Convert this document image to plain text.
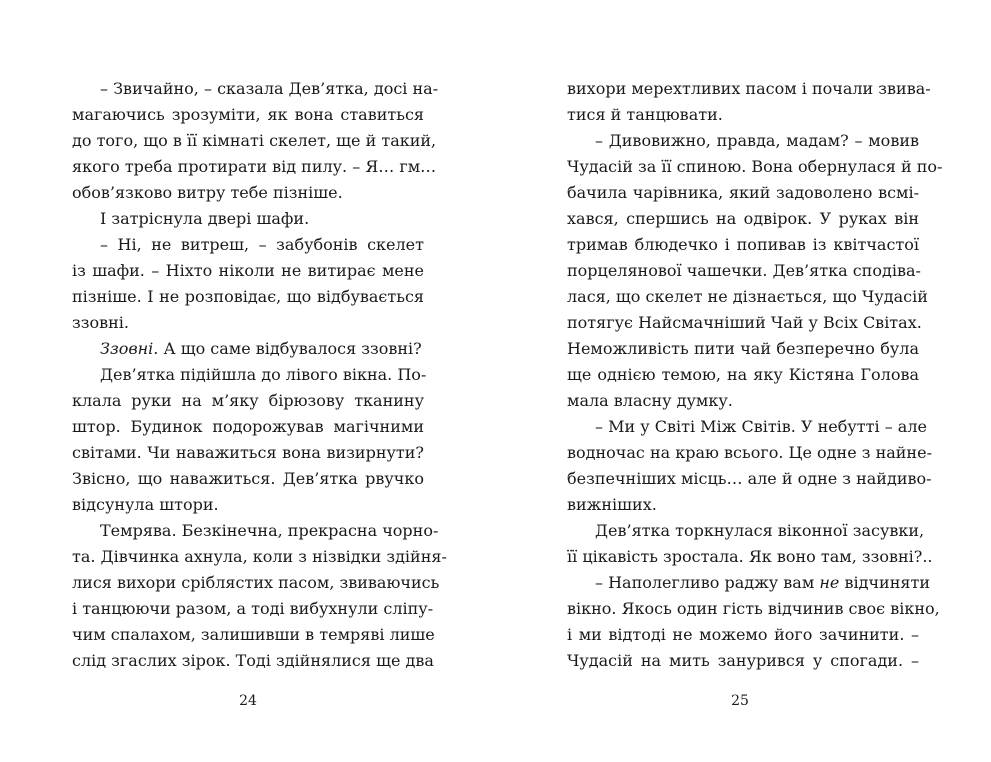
– Звичайно, – сказала Дев’ятка, досі на-
магаючись зрозуміти, як вона ставиться
до того, що в її кімнаті скелет, ще й такий,
якого треба протирати від пилу. – Я… гм…
обов’язково витру тебе пізніше.
І затріснула двері шафи.
– Ні, не витреш, – забубонів скелет
із шафи. – Ніхто ніколи не витирає мене
пізніше. І не розповідає, що відбувається
ззовні.
Ззовні. А що саме відбувалося ззовні?
Дев’ятка підійшла до лівого вікна. По-
клала руки на м’яку бірюзову тканину
штор. Будинок подорожував магічними
світами. Чи наважиться вона визирнути?
Звісно, що наважиться. Дев’ятка рвучко
відсунула штори.
Темрява. Безкінечна, прекрасна чорно-
та. Дівчинка ахнула, коли з нізвідки здійня-
лися вихори сріблястих пасом, звиваючись
і танцюючи разом, а тоді вибухнули сліпу-
чим спалахом, залишивши в темряві лише
слід згаслих зірок. Тоді здійнялися ще два
24
вихори мерехтливих пасом і почали звива-
тися й танцювати.
– Дивовижно, правда, мадам? – мовив
Чудасій за її спиною. Вона обернулася й по-
бачила чарівника, який задоволено всмі-
хався, спершись на одвірок. У руках він
тримав блюдечко і попивав із квітчастої
порцелянової чашечки. Дев’ятка сподіва-
лася, що скелет не дізнається, що Чудасій
потягує Найсмачніший Чай у Всіх Світах.
Неможливість пити чай безперечно була
ще однією темою, на яку Кістяна Голова
мала власну думку.
– Ми у Світі Між Світів. У небутті – але
водночас на краю всього. Це одне з найне-
безпечніших місць… але й одне з найдиво-
вижніших.
Дев’ятка торкнулася віконної засувки,
її цікавість зростала. Як воно там, ззовні?..
– Наполегливо раджу вам не відчиняти
вікно. Якось один гість відчинив своє вікно,
і ми відтоді не можемо його зачинити. –
Чудасій на мить занурився у спогади. –
25
